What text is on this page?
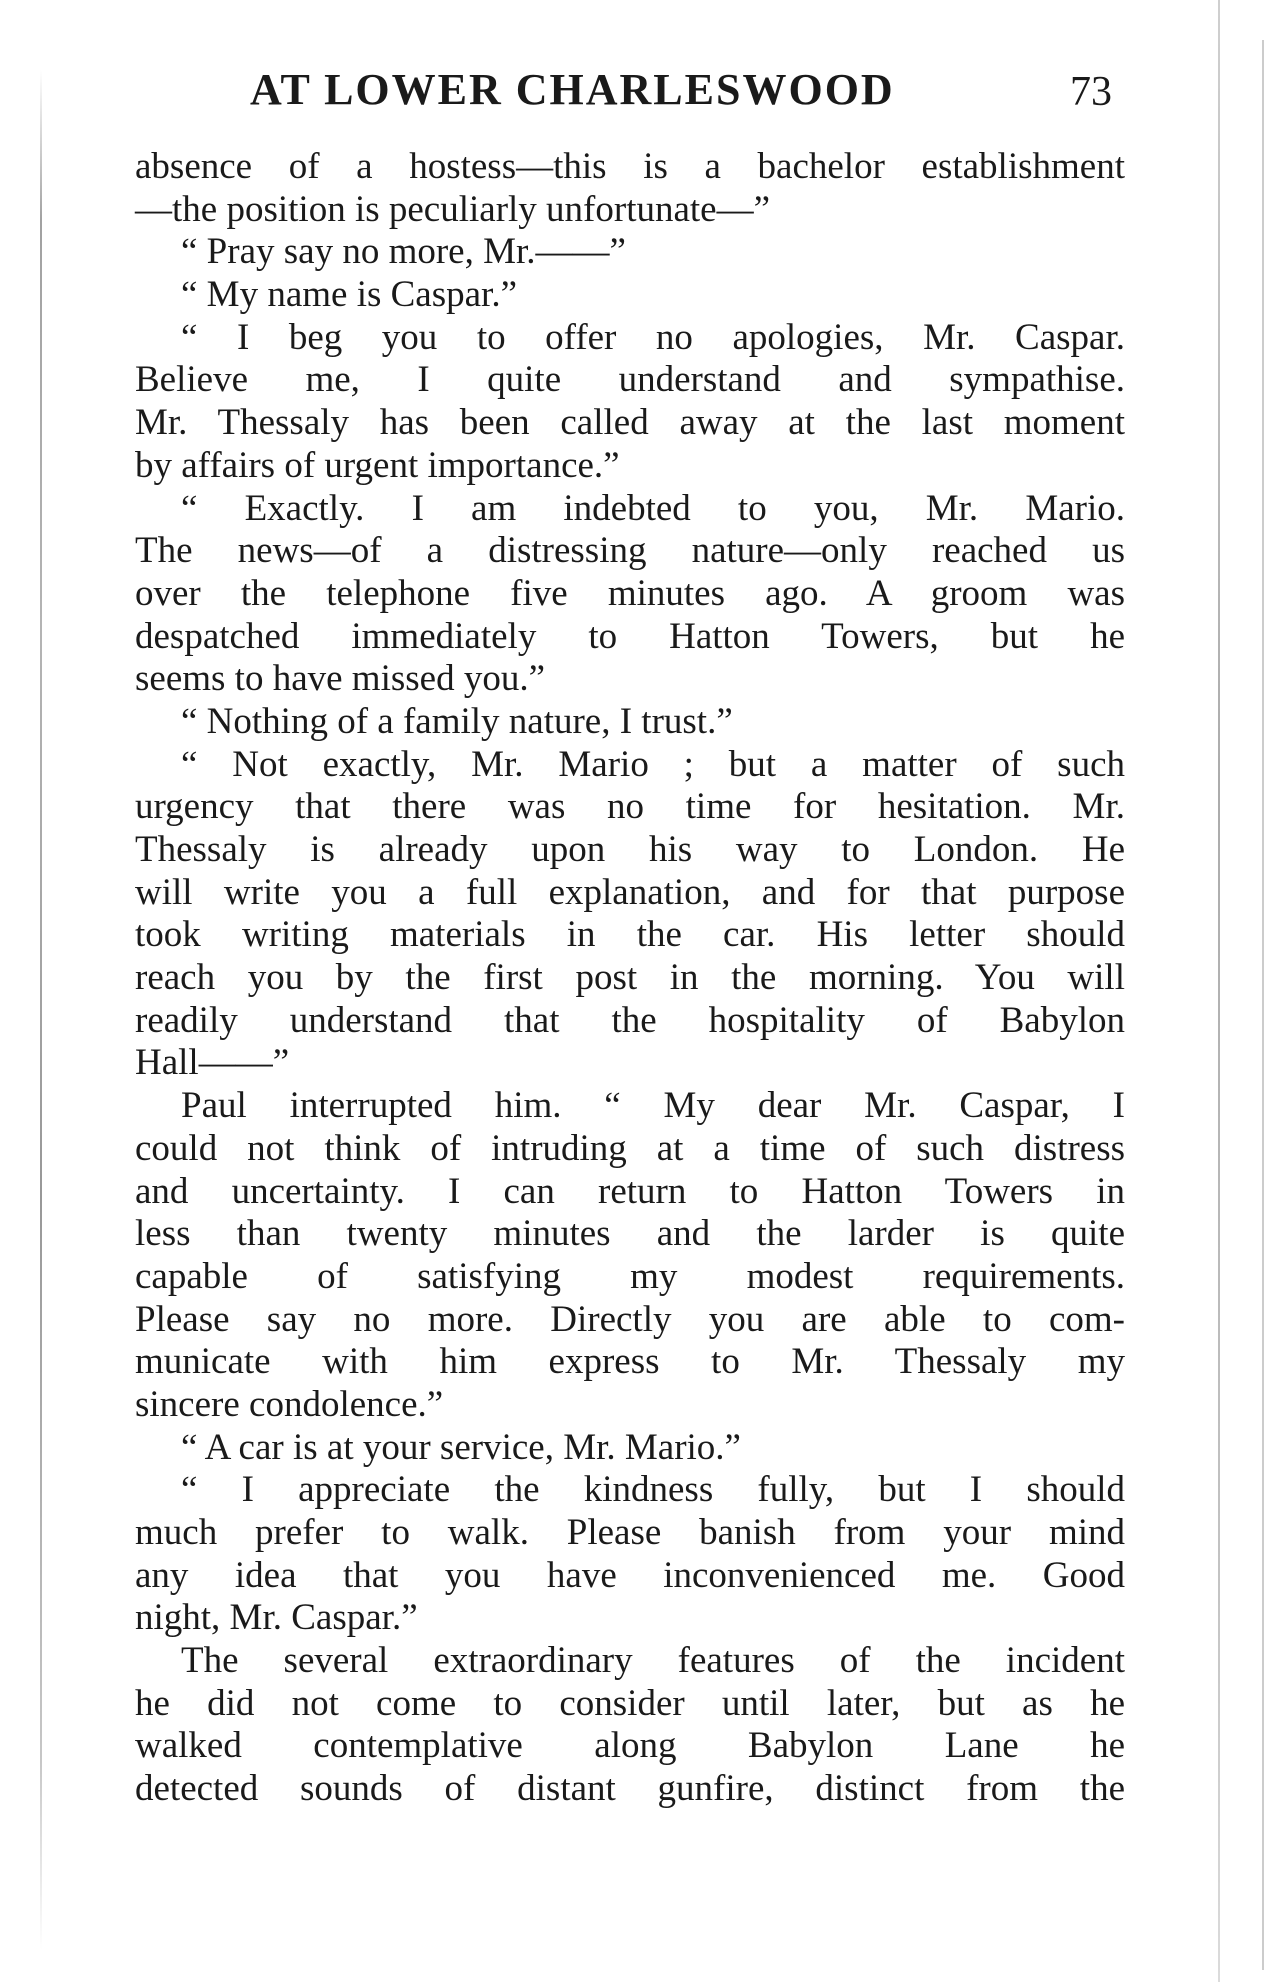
AT LOWER CHARLESWOOD	73
absence of a hostess—this is a bachelor establishment
—the position is peculiarly unfortunate—”
“ Pray say no more, Mr.——”
“ My name is Caspar.”
“ I beg you to offer no apologies, Mr. Caspar.
Believe me, I quite understand and sympathise.
Mr. Thessaly has been called away at the last moment
by affairs of urgent importance.”
“ Exactly. I am indebted to you, Mr. Mario.
The news—of a distressing nature—only reached us
over the telephone five minutes ago. A groom was
despatched immediately to Hatton Towers, but he
seems to have missed you.”
“ Nothing of a family nature, I trust.”
“ Not exactly, Mr. Mario ; but a matter of such
urgency that there was no time for hesitation. Mr.
Thessaly is already upon his way to London. He
will write you a full explanation, and for that purpose
took writing materials in the car. His letter should
reach you by the first post in the morning. You will
readily understand that the hospitality of Babylon
Hall——”
Paul interrupted him. “ My dear Mr. Caspar, I
could not think of intruding at a time of such distress
and uncertainty. I can return to Hatton Towers in
less than twenty minutes and the larder is quite
capable of satisfying my modest requirements.
Please say no more. Directly you are able to com-
municate with him express to Mr. Thessaly my
sincere condolence.”
“ A car is at your service, Mr. Mario.”
“ I appreciate the kindness fully, but I should
much prefer to walk. Please banish from your mind
any idea that you have inconvenienced me. Good
night, Mr. Caspar.”
The several extraordinary features of the incident
he did not come to consider until later, but as he
walked contemplative along Babylon Lane he
detected sounds of distant gunfire, distinct from the
